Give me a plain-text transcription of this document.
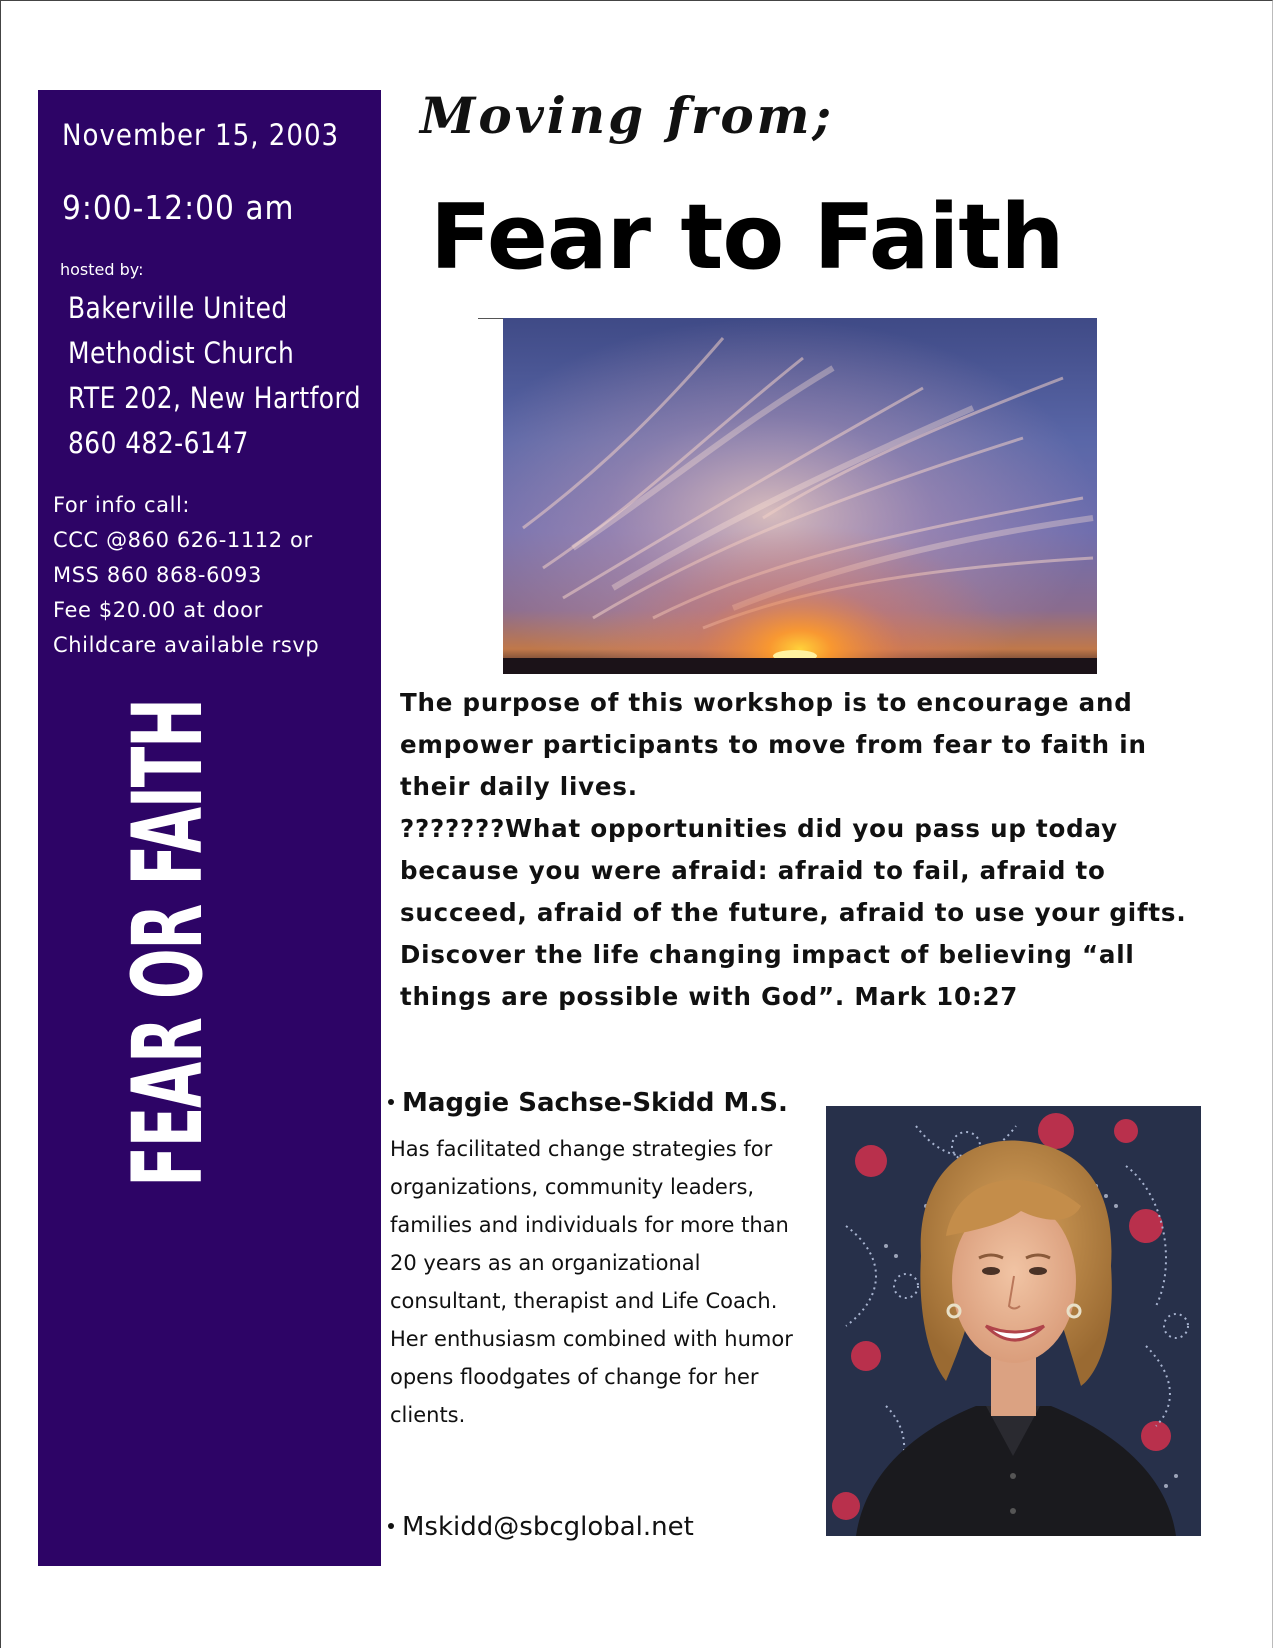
November 15, 2003
9:00-12:00 am
hosted by:
Bakerville United
Methodist Church
RTE 202, New Hartford
860 482-6147
For info call:
CCC @860 626-1112 or
MSS 860 868-6093
Fee $20.00 at door
Childcare available rsvp
FEAR OR FAITH
Moving from;
Fear to Faith

The purpose of this workshop is to encourage and empower participants to move from fear to faith in their daily lives.

???????What opportunities did you pass up today because you were afraid: afraid to fail, afraid to succeed, afraid of the future, afraid to use your gifts.

Discover the life changing impact of believing “all things are possible with God”. Mark 10:27

Maggie Sachse-Skidd M.S.
Has facilitated change strategies for organizations, community leaders, families and individuals for more than 20 years as an organizational consultant, therapist and Life Coach. Her enthusiasm combined with humor opens floodgates of change for her clients.
Mskidd@sbcglobal.net
